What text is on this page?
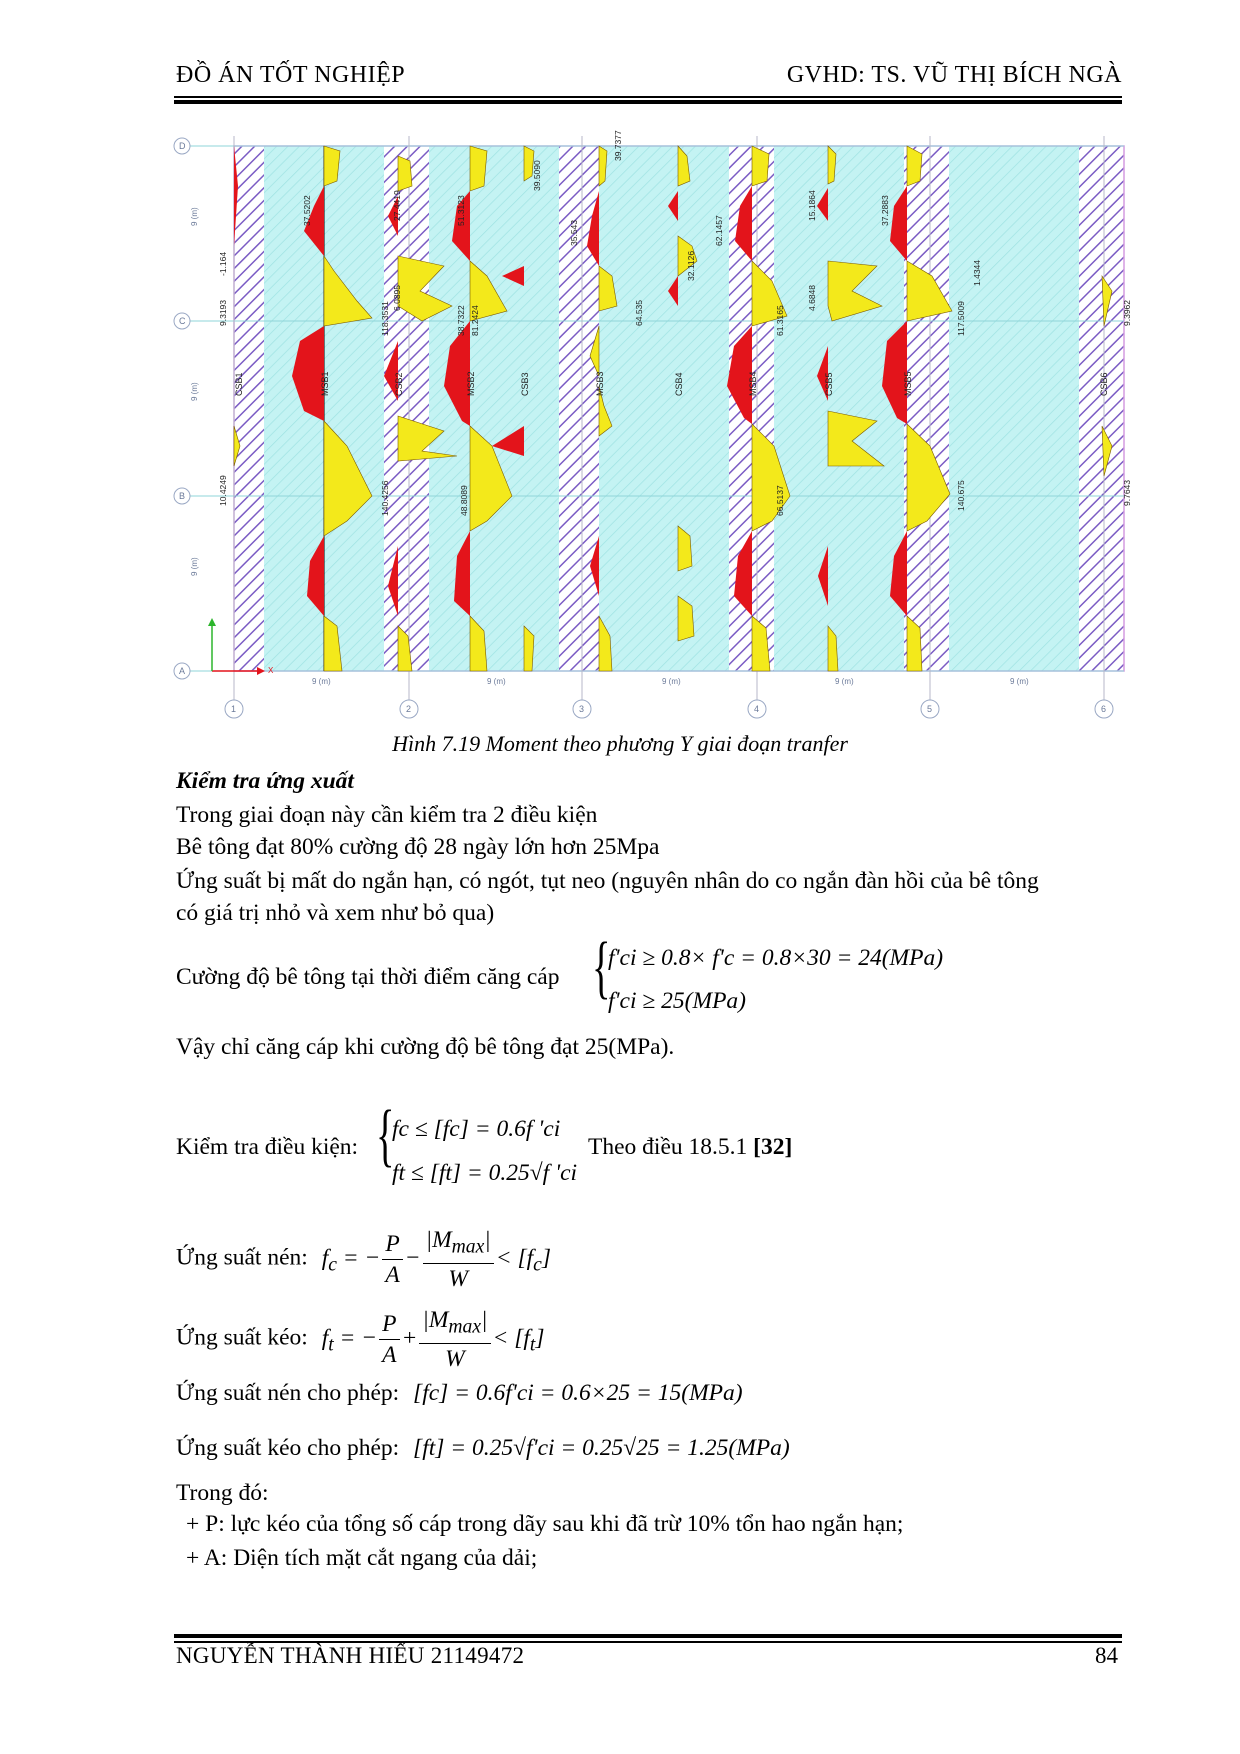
ĐỒ ÁN TỐT NGHIỆP	GVHD: TS. VŨ THỊ BÍCH NGÀ
D
C
B
A
1	2	3	4	5	6
9 (m)	9 (m)	9 (m)	9 (m)	9 (m)
9 (m)
9 (m)
9 (m)
X
CSB1	MSB1	CSB2	MSB2	CSB3	MSB3	CSB4	MSB4	CSB5	MSB5	CSB6
-1.164
9.3193
10.4249
37.5202
118.3531
140.4256
27.4419
6.0895
51.3123
38.7322 81.2424
48.8089
39.5090
39.7377
35.543
64.535
32.1126
62.1457
61.3165
66.5137
15.1864
4.6848
37.2883
117.5009
140.675
1.4344
9.3962
9.7643
Hình 7.19 Moment theo phương Y giai đoạn tranfer
Kiểm tra ứng xuất
Trong giai đoạn này cần kiểm tra 2 điều kiện
Bê tông đạt 80% cường độ 28 ngày lớn hơn 25Mpa
Ứng suất bị mất do ngắn hạn, có ngót, tụt neo (nguyên nhân do co ngắn đàn hồi của bê tông
có giá trị nhỏ và xem như bỏ qua)
Cường độ bê tông tại thời điểm căng cáp {
f'ci ≥ 0.8× f'c = 0.8×30 = 24(MPa)
f'ci ≥ 25(MPa)
Vậy chỉ căng cáp khi cường độ bê tông đạt 25(MPa).
Kiểm tra điều kiện: {
fc ≤ [fc] = 0.6f 'ci
ft ≤ [ft] = 0.25√f 'ci
Theo điều 18.5.1 [32]
Ứng suất nén: $f_c$ = − $\frac{P}{A} - \frac{|M_{max}|}{W} < [f_c]$
Ứng suất kéo: $f_t$ = − $\frac{P}{A} + \frac{|M_{max}|}{W} < [f_t]$
Ứng suất nén cho phép: [fc] = 0.6f'ci = 0.6×25 = 15(MPa)
Ứng suất kéo cho phép: [ft] = 0.25√f'ci = 0.25√25 = 1.25(MPa)
Trong đó:
+ P: lực kéo của tổng số cáp trong dãy sau khi đã trừ 10% tổn hao ngắn hạn;
+ A: Diện tích mặt cắt ngang của dải;
NGUYỄN THÀNH HIẾU 21149472	84
